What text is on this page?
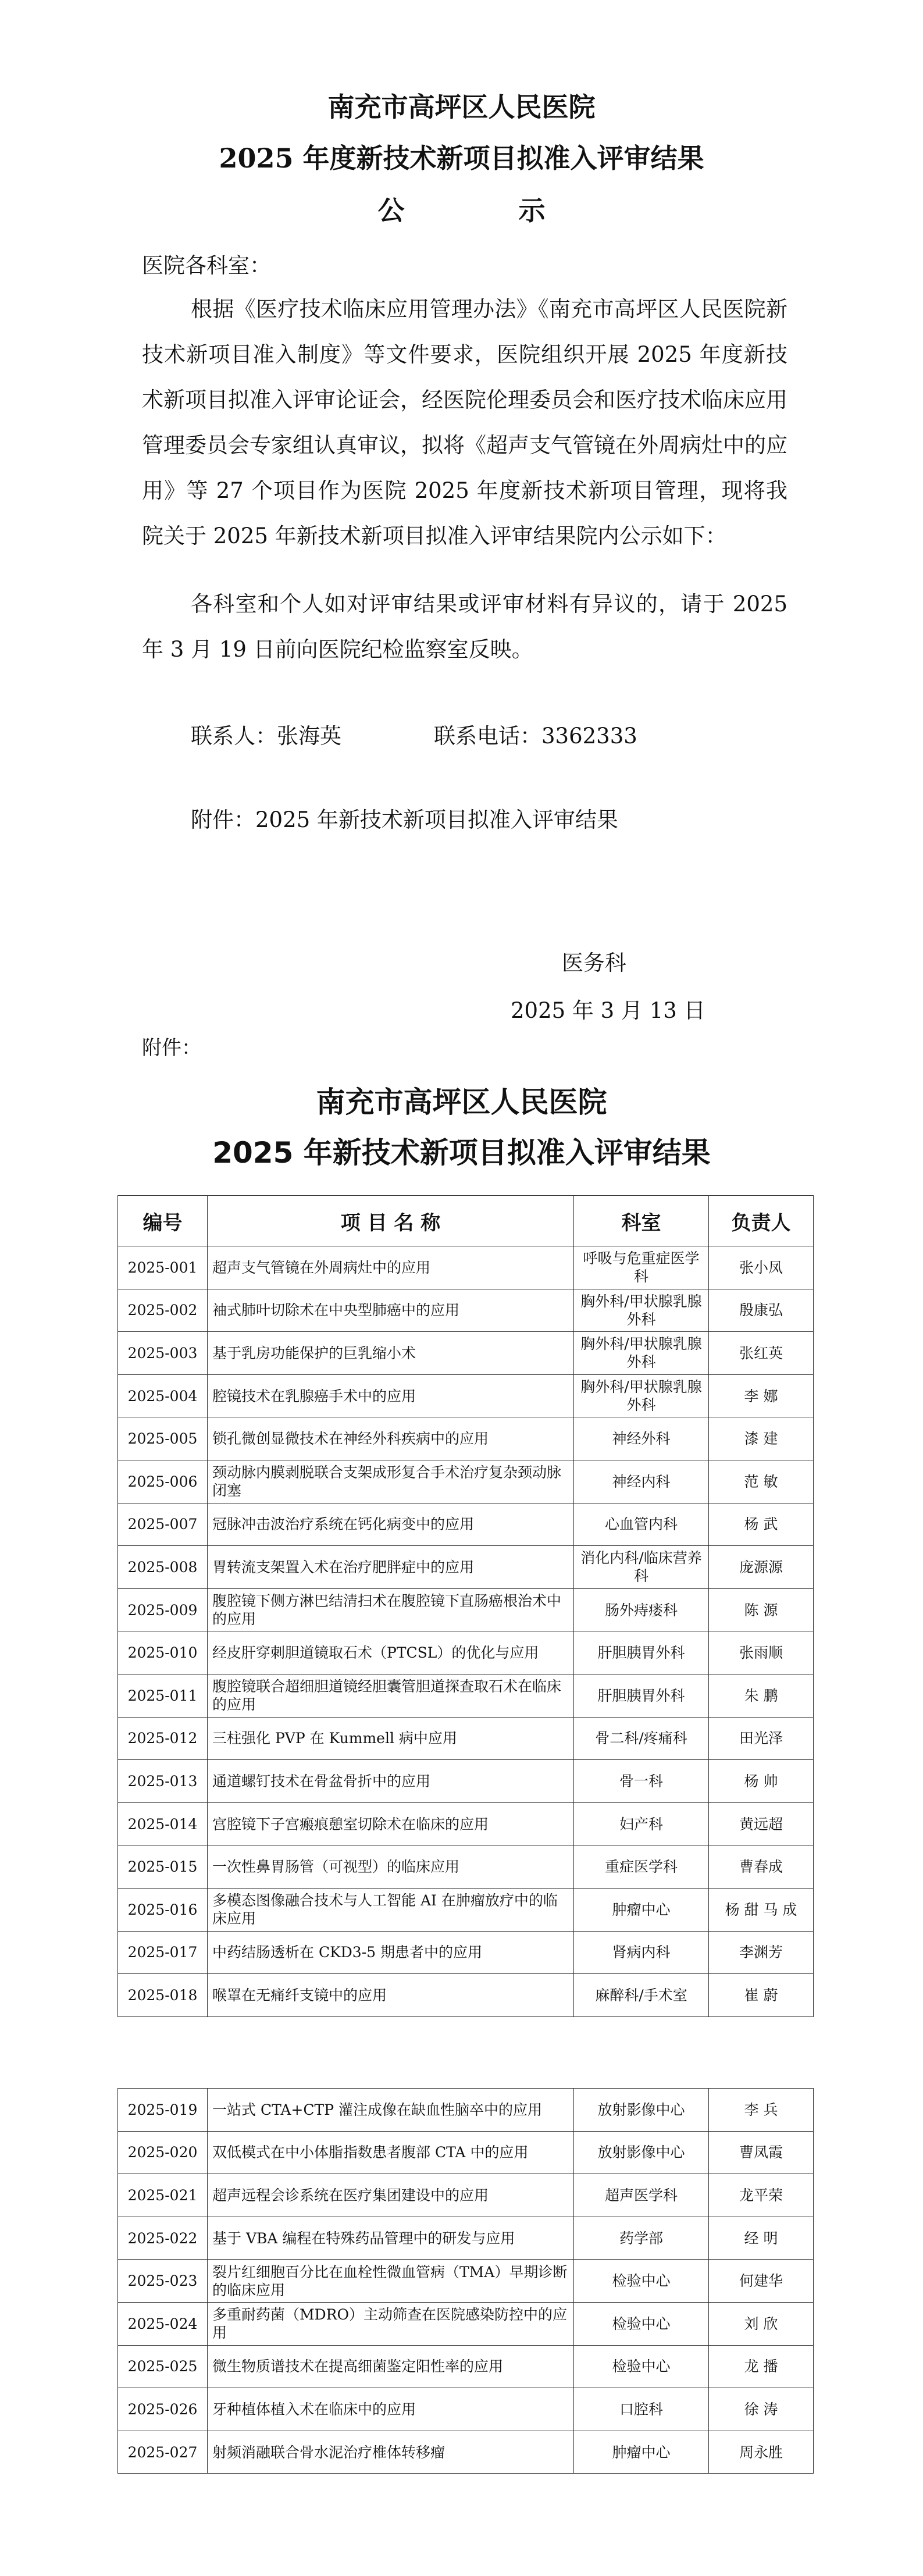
南充市高坪区人民医院
2025 年度新技术新项目拟准入评审结果
公 示
医院各科室：
根据《医疗技术临床应用管理办法》《南充市高坪区人民医院新技术新项目准入制度》等文件要求，医院组织开展 2025 年度新技术新项目拟准入评审论证会，经医院伦理委员会和医疗技术临床应用管理委员会专家组认真审议，拟将《超声支气管镜在外周病灶中的应用》等 27 个项目作为医院 2025 年度新技术新项目管理，现将我院关于 2025 年新技术新项目拟准入评审结果院内公示如下：
各科室和个人如对评审结果或评审材料有异议的，请于 2025 年 3 月 19 日前向医院纪检监察室反映。
联系人：张海英	联系电话：3362333
附件：2025 年新技术新项目拟准入评审结果
医务科
2025 年 3 月 13 日
附件：
南充市高坪区人民医院
2025 年新技术新项目拟准入评审结果
编号	项 目 名 称	科室	负责人
2025-001	超声支气管镜在外周病灶中的应用	呼吸与危重症医学科	张小凤
2025-002	袖式肺叶切除术在中央型肺癌中的应用	胸外科/甲状腺乳腺外科	殷康弘
2025-003	基于乳房功能保护的巨乳缩小术	胸外科/甲状腺乳腺外科	张红英
2025-004	腔镜技术在乳腺癌手术中的应用	胸外科/甲状腺乳腺外科	李 娜
2025-005	锁孔微创显微技术在神经外科疾病中的应用	神经外科	漆 建
2025-006	颈动脉内膜剥脱联合支架成形复合手术治疗复杂颈动脉闭塞	神经内科	范 敏
2025-007	冠脉冲击波治疗系统在钙化病变中的应用	心血管内科	杨 武
2025-008	胃转流支架置入术在治疗肥胖症中的应用	消化内科/临床营养科	庞源源
2025-009	腹腔镜下侧方淋巴结清扫术在腹腔镜下直肠癌根治术中的应用	肠外痔瘘科	陈 源
2025-010	经皮肝穿刺胆道镜取石术（PTCSL）的优化与应用	肝胆胰胃外科	张雨顺
2025-011	腹腔镜联合超细胆道镜经胆囊管胆道探查取石术在临床的应用	肝胆胰胃外科	朱 鹏
2025-012	三柱强化 PVP 在 Kummell 病中应用	骨二科/疼痛科	田光泽
2025-013	通道螺钉技术在骨盆骨折中的应用	骨一科	杨 帅
2025-014	宫腔镜下子宫瘢痕憩室切除术在临床的应用	妇产科	黄远超
2025-015	一次性鼻胃肠管（可视型）的临床应用	重症医学科	曹春成
2025-016	多模态图像融合技术与人工智能 AI 在肿瘤放疗中的临床应用	肿瘤中心	杨 甜 马 成
2025-017	中药结肠透析在 CKD3-5 期患者中的应用	肾病内科	李渊芳
2025-018	喉罩在无痛纤支镜中的应用	麻醉科/手术室	崔 蔚
2025-019	一站式 CTA+CTP 灌注成像在缺血性脑卒中的应用	放射影像中心	李 兵
2025-020	双低模式在中小体脂指数患者腹部 CTA 中的应用	放射影像中心	曹凤霞
2025-021	超声远程会诊系统在医疗集团建设中的应用	超声医学科	龙平荣
2025-022	基于 VBA 编程在特殊药品管理中的研发与应用	药学部	经 明
2025-023	裂片红细胞百分比在血栓性微血管病（TMA）早期诊断的临床应用	检验中心	何建华
2025-024	多重耐药菌（MDRO）主动筛查在医院感染防控中的应用	检验中心	刘 欣
2025-025	微生物质谱技术在提高细菌鉴定阳性率的应用	检验中心	龙 播
2025-026	牙种植体植入术在临床中的应用	口腔科	徐 涛
2025-027	射频消融联合骨水泥治疗椎体转移瘤	肿瘤中心	周永胜
